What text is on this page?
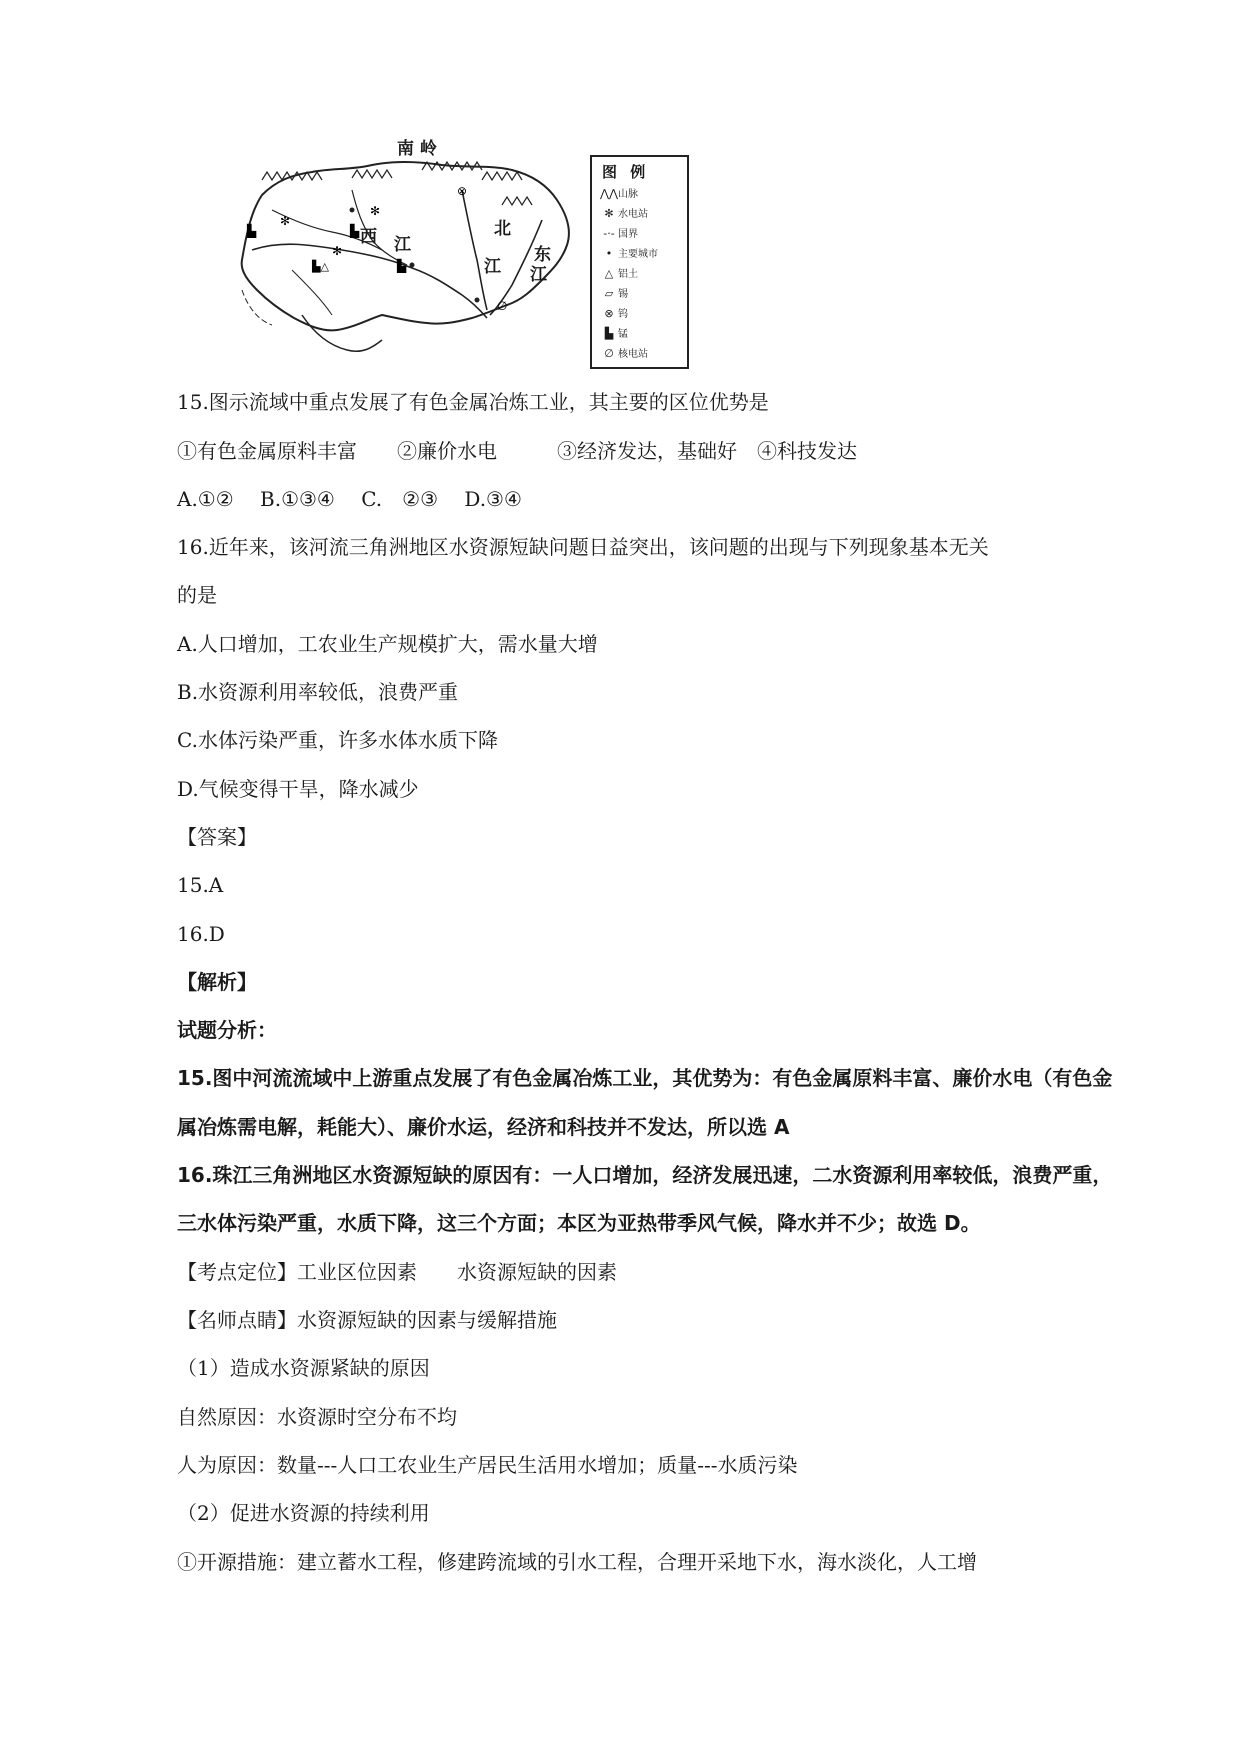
✻
✻
✻
▙	▙
▙
▙△
⊗
∅
南 岭
西 江
北
江
东
江
图 例
⋀⋀山脉
✻ 水电站
-·- 国界
• 主要城市
△ 铝土
▱ 锡
⊗ 钨
▙ 锰
∅ 核电站
15.图示流域中重点发展了有色金属冶炼工业，其主要的区位优势是
①有色金属原料丰富　　②廉价水电　　　③经济发达，基础好　④科技发达
A.①②　 B.①③④　 C.　②③　 D.③④
16.近年来，该河流三角洲地区水资源短缺问题日益突出，该问题的出现与下列现象基本无关
的是
A.人口增加，工农业生产规模扩大，需水量大增
B.水资源利用率较低，浪费严重
C.水体污染严重，许多水体水质下降
D.气候变得干旱，降水减少
【答案】
15.A
16.D
【解析】
试题分析：
15.图中河流流域中上游重点发展了有色金属冶炼工业，其优势为：有色金属原料丰富、廉价水电（有色金
属冶炼需电解，耗能大）、廉价水运，经济和科技并不发达，所以选 A
16.珠江三角洲地区水资源短缺的原因有：一人口增加，经济发展迅速，二水资源利用率较低，浪费严重，
三水体污染严重，水质下降，这三个方面；本区为亚热带季风气候，降水并不少；故选 D。
【考点定位】工业区位因素　　水资源短缺的因素
【名师点睛】水资源短缺的因素与缓解措施
（1）造成水资源紧缺的原因
自然原因：水资源时空分布不均
人为原因：数量---人口工农业生产居民生活用水增加；质量---水质污染
（2）促进水资源的持续利用
①开源措施：建立蓄水工程，修建跨流域的引水工程，合理开采地下水，海水淡化，人工增
